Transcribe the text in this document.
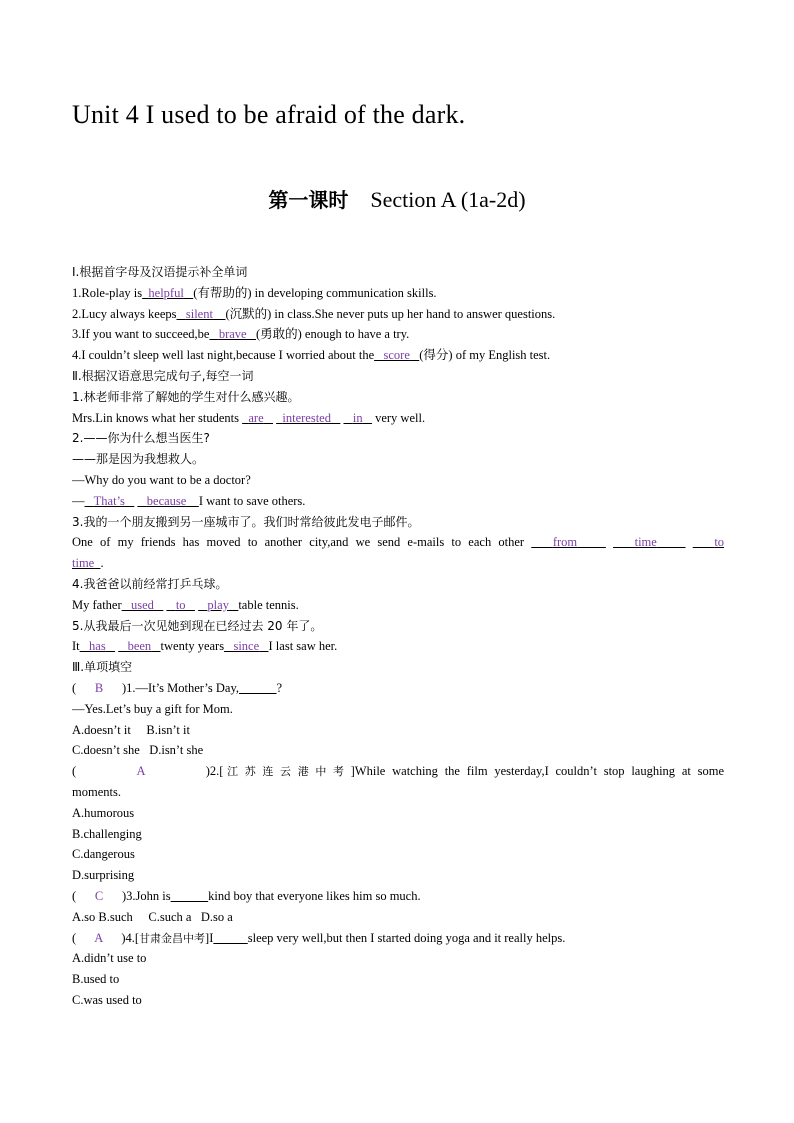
Unit 4 I used to be afraid of the dark.
第一课时 Section A (1a-2d)
Ⅰ.根据首字母及汉语提示补全单词
1.Role-play is helpful (有帮助的) in developing communication skills.
2.Lucy always keeps silent (沉默的) in class.She never puts up her hand to answer questions.
3.If you want to succeed,be brave (勇敢的) enough to have a try.
4.I couldn’t sleep well last night,because I worried about the score (得分) of my English test.
Ⅱ.根据汉语意思完成句子,每空一词
1.林老师非常了解她的学生对什么感兴趣。
Mrs.Lin knows what her students are interested in very well.
2.——你为什么想当医生?
——那是因为我想救人。
—Why do you want to be a doctor?
— That’s because I want to save others.
3.我的一个朋友搬到另一座城市了。我们时常给彼此发电子邮件。
One of my friends has moved to another city,and we send e-mails to each other from	time	to
time .
4.我爸爸以前经常打乒乓球。
My father used to play table tennis.
5.从我最后一次见她到现在已经过去 20 年了。
It has been twenty years since I last saw her.
Ⅲ.单项填空
( B )1.—It’s Mother’s Day,	?
—Yes.Let’s buy a gift for Mom.
A.doesn’t it     B.isn’t it
C.doesn’t she   D.isn’t she
(	A	)2.[江苏连云港中考]While watching the film yesterday,I couldn’t stop laughing at some
moments.
A.humorous
B.challenging
C.dangerous
D.surprising
( C )3.John is	kind boy that everyone likes him so much.
A.so B.such     C.such a   D.so a
( A )4.[甘肃金昌中考]I	sleep very well,but then I started doing yoga and it really helps.
A.didn’t use to
B.used to
C.was used to
